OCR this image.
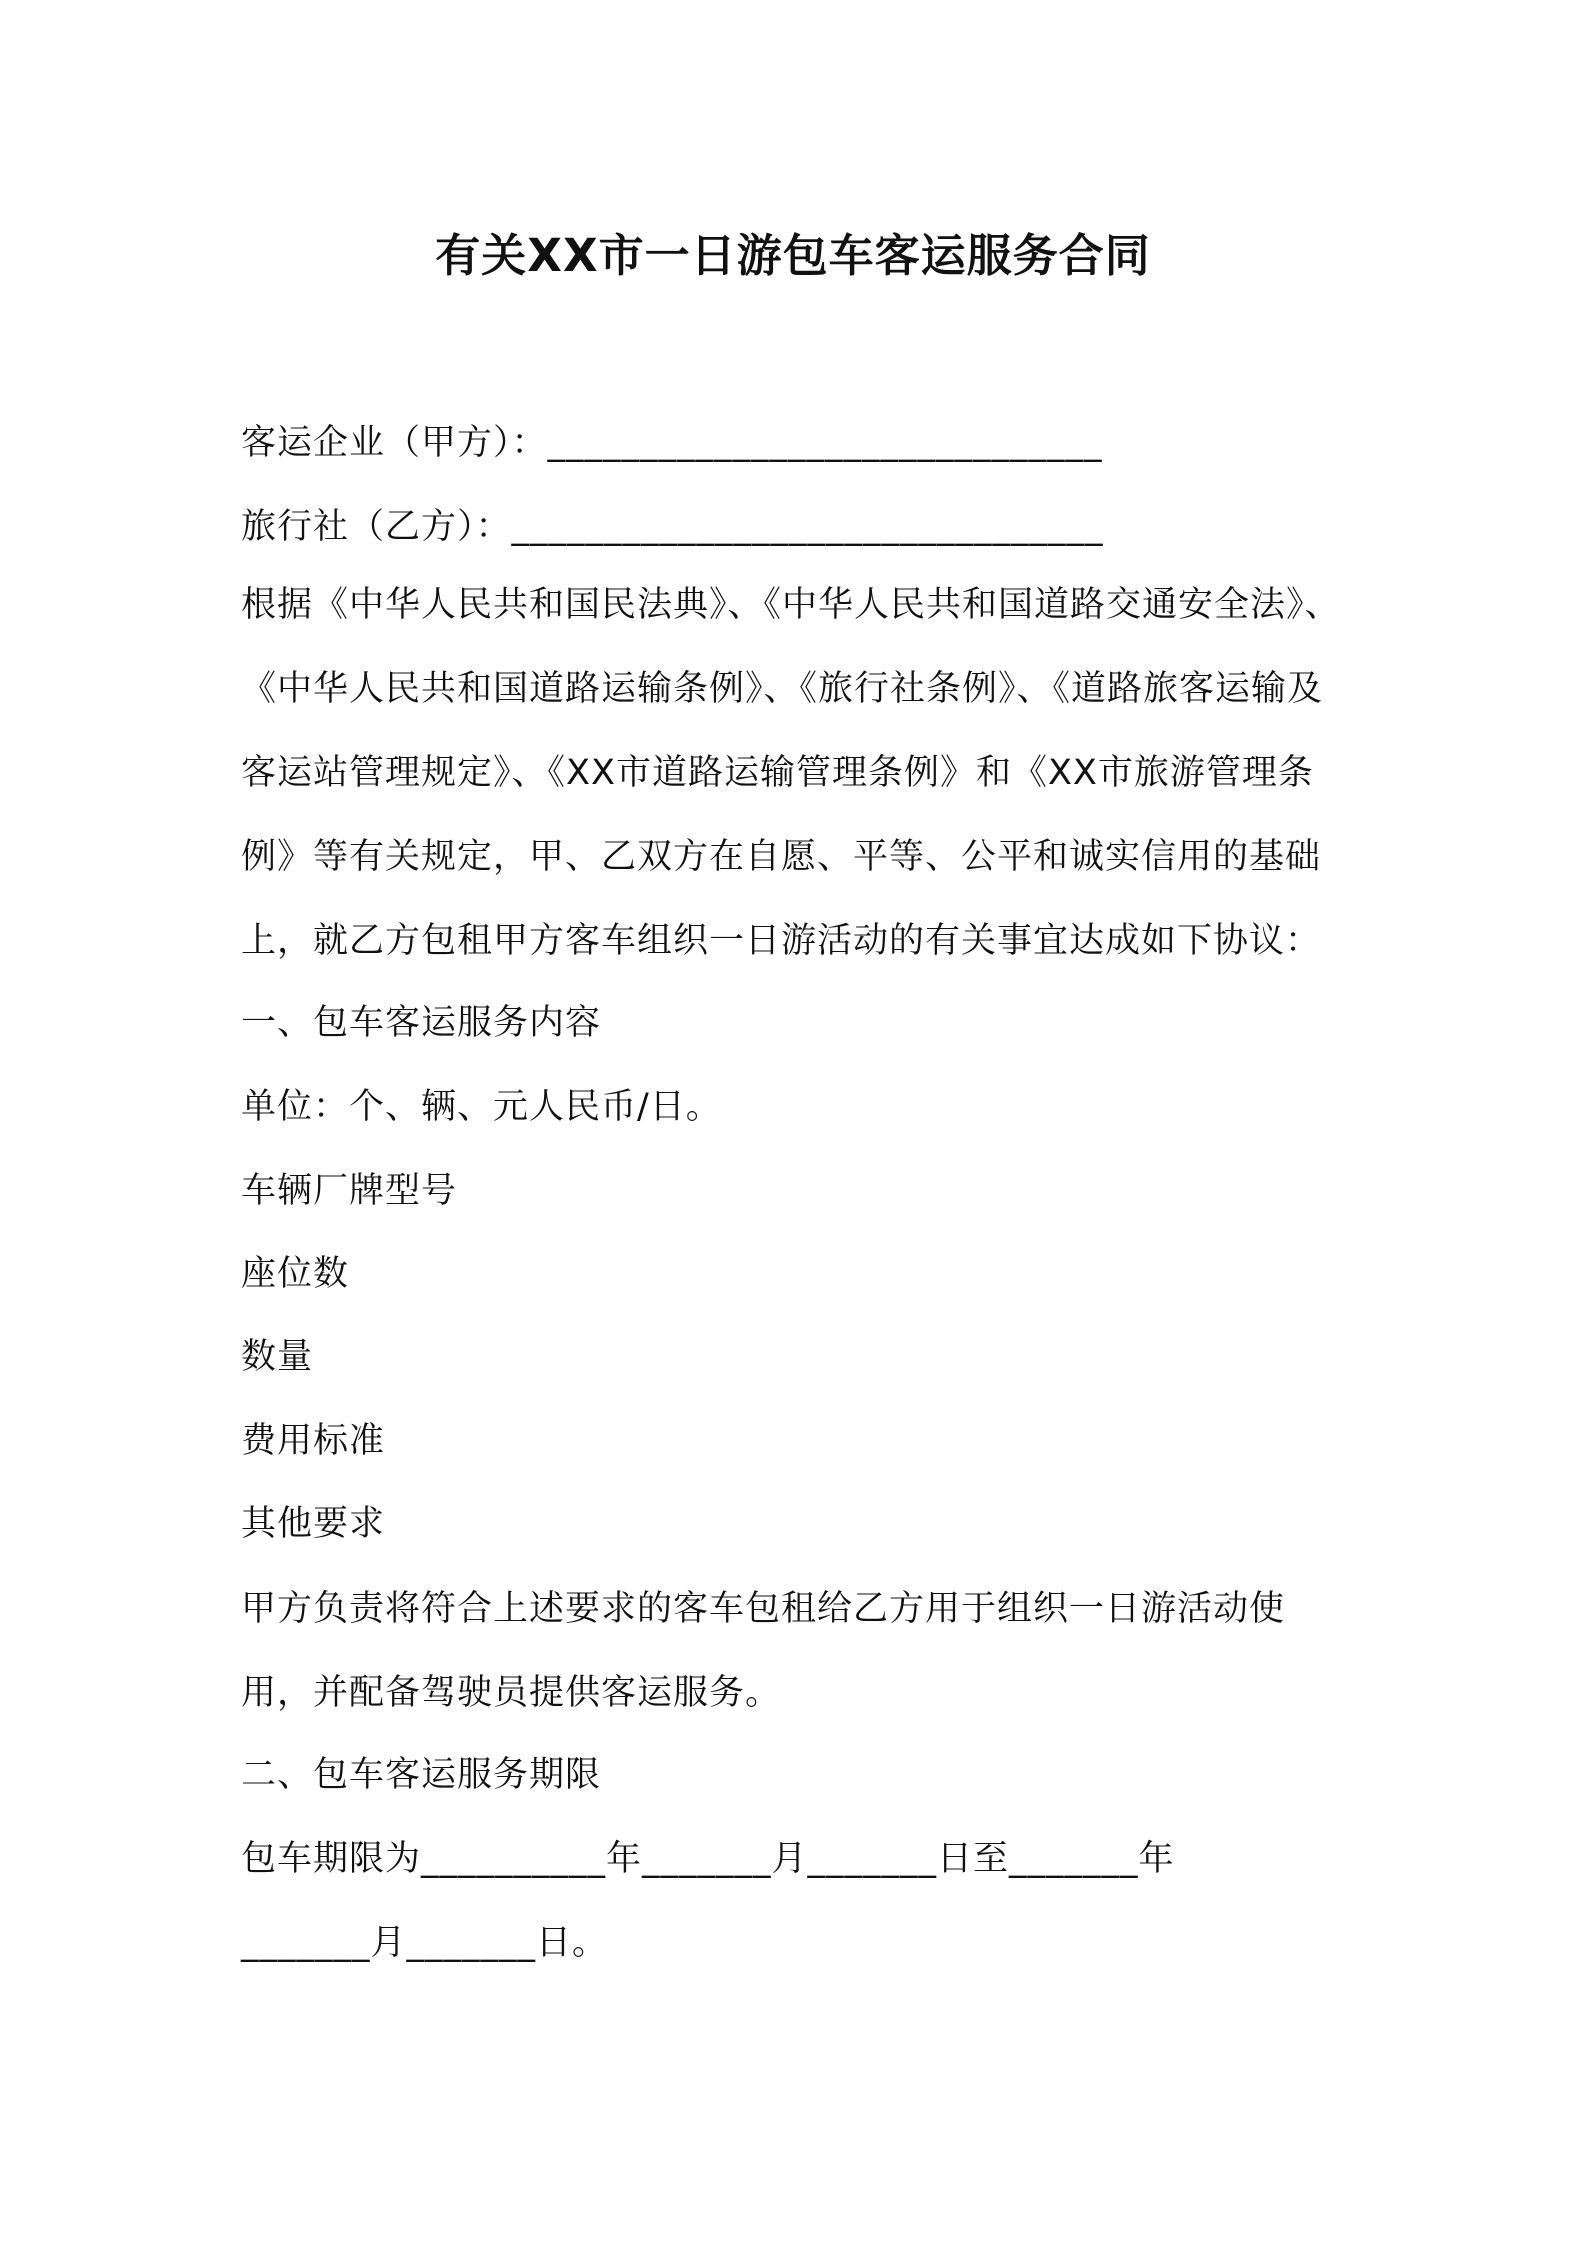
有关XX市一日游包车客运服务合同
客运企业（甲方）：______________________________
旅行社（乙方）：________________________________
根据《中华人民共和国民法典》、《中华人民共和国道路交通安全法》、
《中华人民共和国道路运输条例》、《旅行社条例》、《道路旅客运输及
客运站管理规定》、《XX市道路运输管理条例》和《XX市旅游管理条
例》等有关规定，甲、乙双方在自愿、平等、公平和诚实信用的基础
上，就乙方包租甲方客车组织一日游活动的有关事宜达成如下协议：
一、包车客运服务内容
单位：个、辆、元人民币/日。
车辆厂牌型号
座位数
数量
费用标准
其他要求
甲方负责将符合上述要求的客车包租给乙方用于组织一日游活动使
用，并配备驾驶员提供客运服务。
二、包车客运服务期限
包车期限为__________年_______月_______日至_______年
_______月_______日。
